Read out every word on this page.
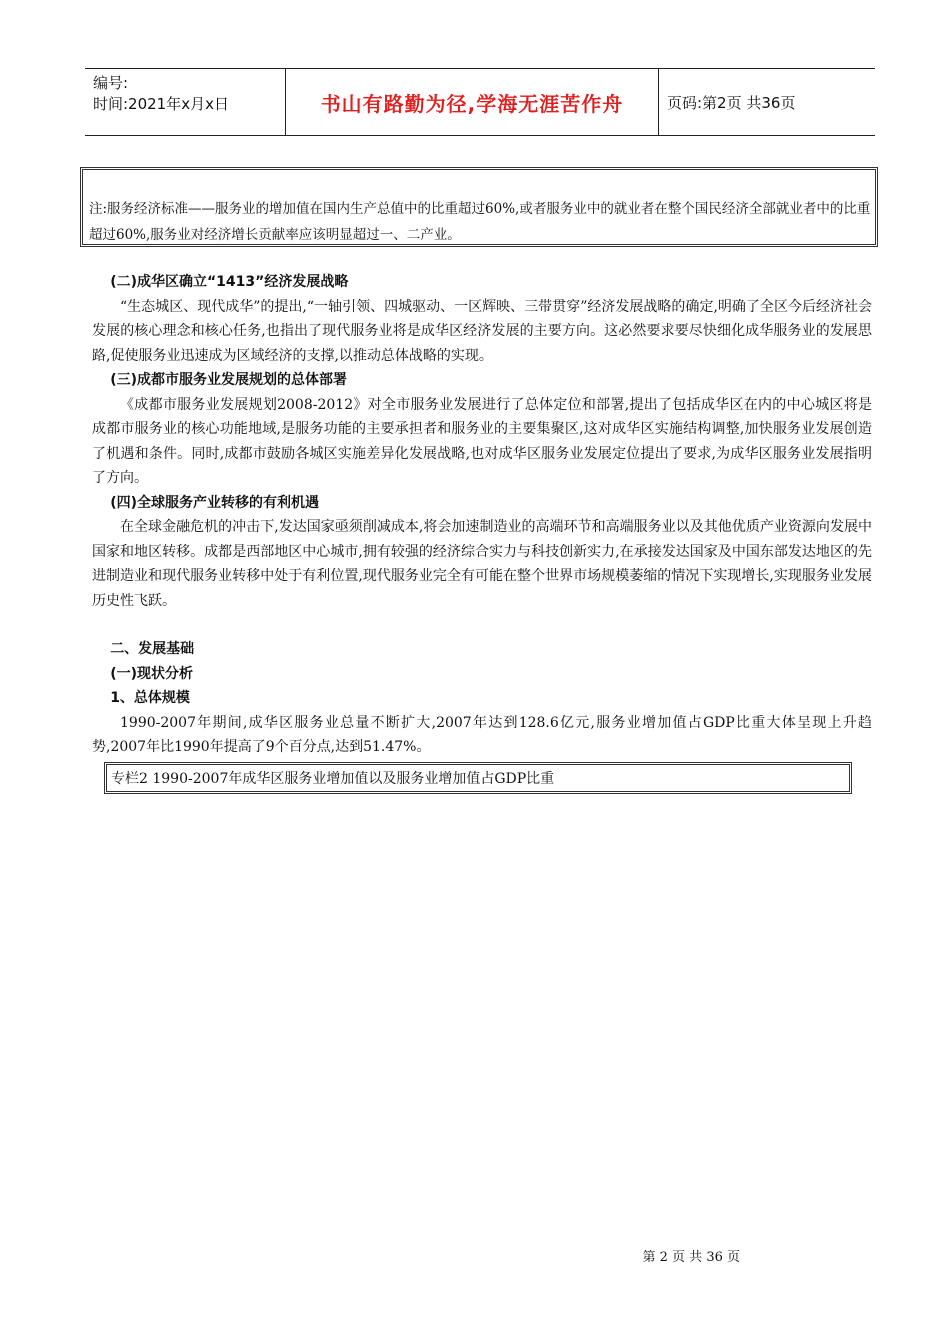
编号:
时间:2021年x月x日	书山有路勤为径,学海无涯苦作舟	页码:第2页 共36页
注:服务经济标准——服务业的增加值在国内生产总值中的比重超过60%,或者服务业中的就业者在整个国民经济全部就业者中的比重超过60%,服务业对经济增长贡献率应该明显超过一、二产业。

(二)成华区确立“1413”经济发展战略

“生态城区、现代成华”的提出,“一轴引领、四城驱动、一区辉映、三带贯穿”经济发展战略的确定,明确了全区今后经济社会发展的核心理念和核心任务,也指出了现代服务业将是成华区经济发展的主要方向。这必然要求要尽快细化成华服务业的发展思路,促使服务业迅速成为区域经济的支撑,以推动总体战略的实现。

(三)成都市服务业发展规划的总体部署

《成都市服务业发展规划2008-2012》对全市服务业发展进行了总体定位和部署,提出了包括成华区在内的中心城区将是成都市服务业的核心功能地域,是服务功能的主要承担者和服务业的主要集聚区,这对成华区实施结构调整,加快服务业发展创造了机遇和条件。同时,成都市鼓励各城区实施差异化发展战略,也对成华区服务业发展定位提出了要求,为成华区服务业发展指明了方向。

(四)全球服务产业转移的有利机遇

在全球金融危机的冲击下,发达国家亟须削减成本,将会加速制造业的高端环节和高端服务业以及其他优质产业资源向发展中国家和地区转移。成都是西部地区中心城市,拥有较强的经济综合实力与科技创新实力,在承接发达国家及中国东部发达地区的先进制造业和现代服务业转移中处于有利位置,现代服务业完全有可能在整个世界市场规模萎缩的情况下实现增长,实现服务业发展历史性飞跃。

二、发展基础

(一)现状分析

1、总体规模

1990-2007年期间,成华区服务业总量不断扩大,2007年达到128.6亿元,服务业增加值占GDP比重大体呈现上升趋势,2007年比1990年提高了9个百分点,达到51.47%。

专栏2 1990-2007年成华区服务业增加值以及服务业增加值占GDP比重
第 2 页 共 36 页
